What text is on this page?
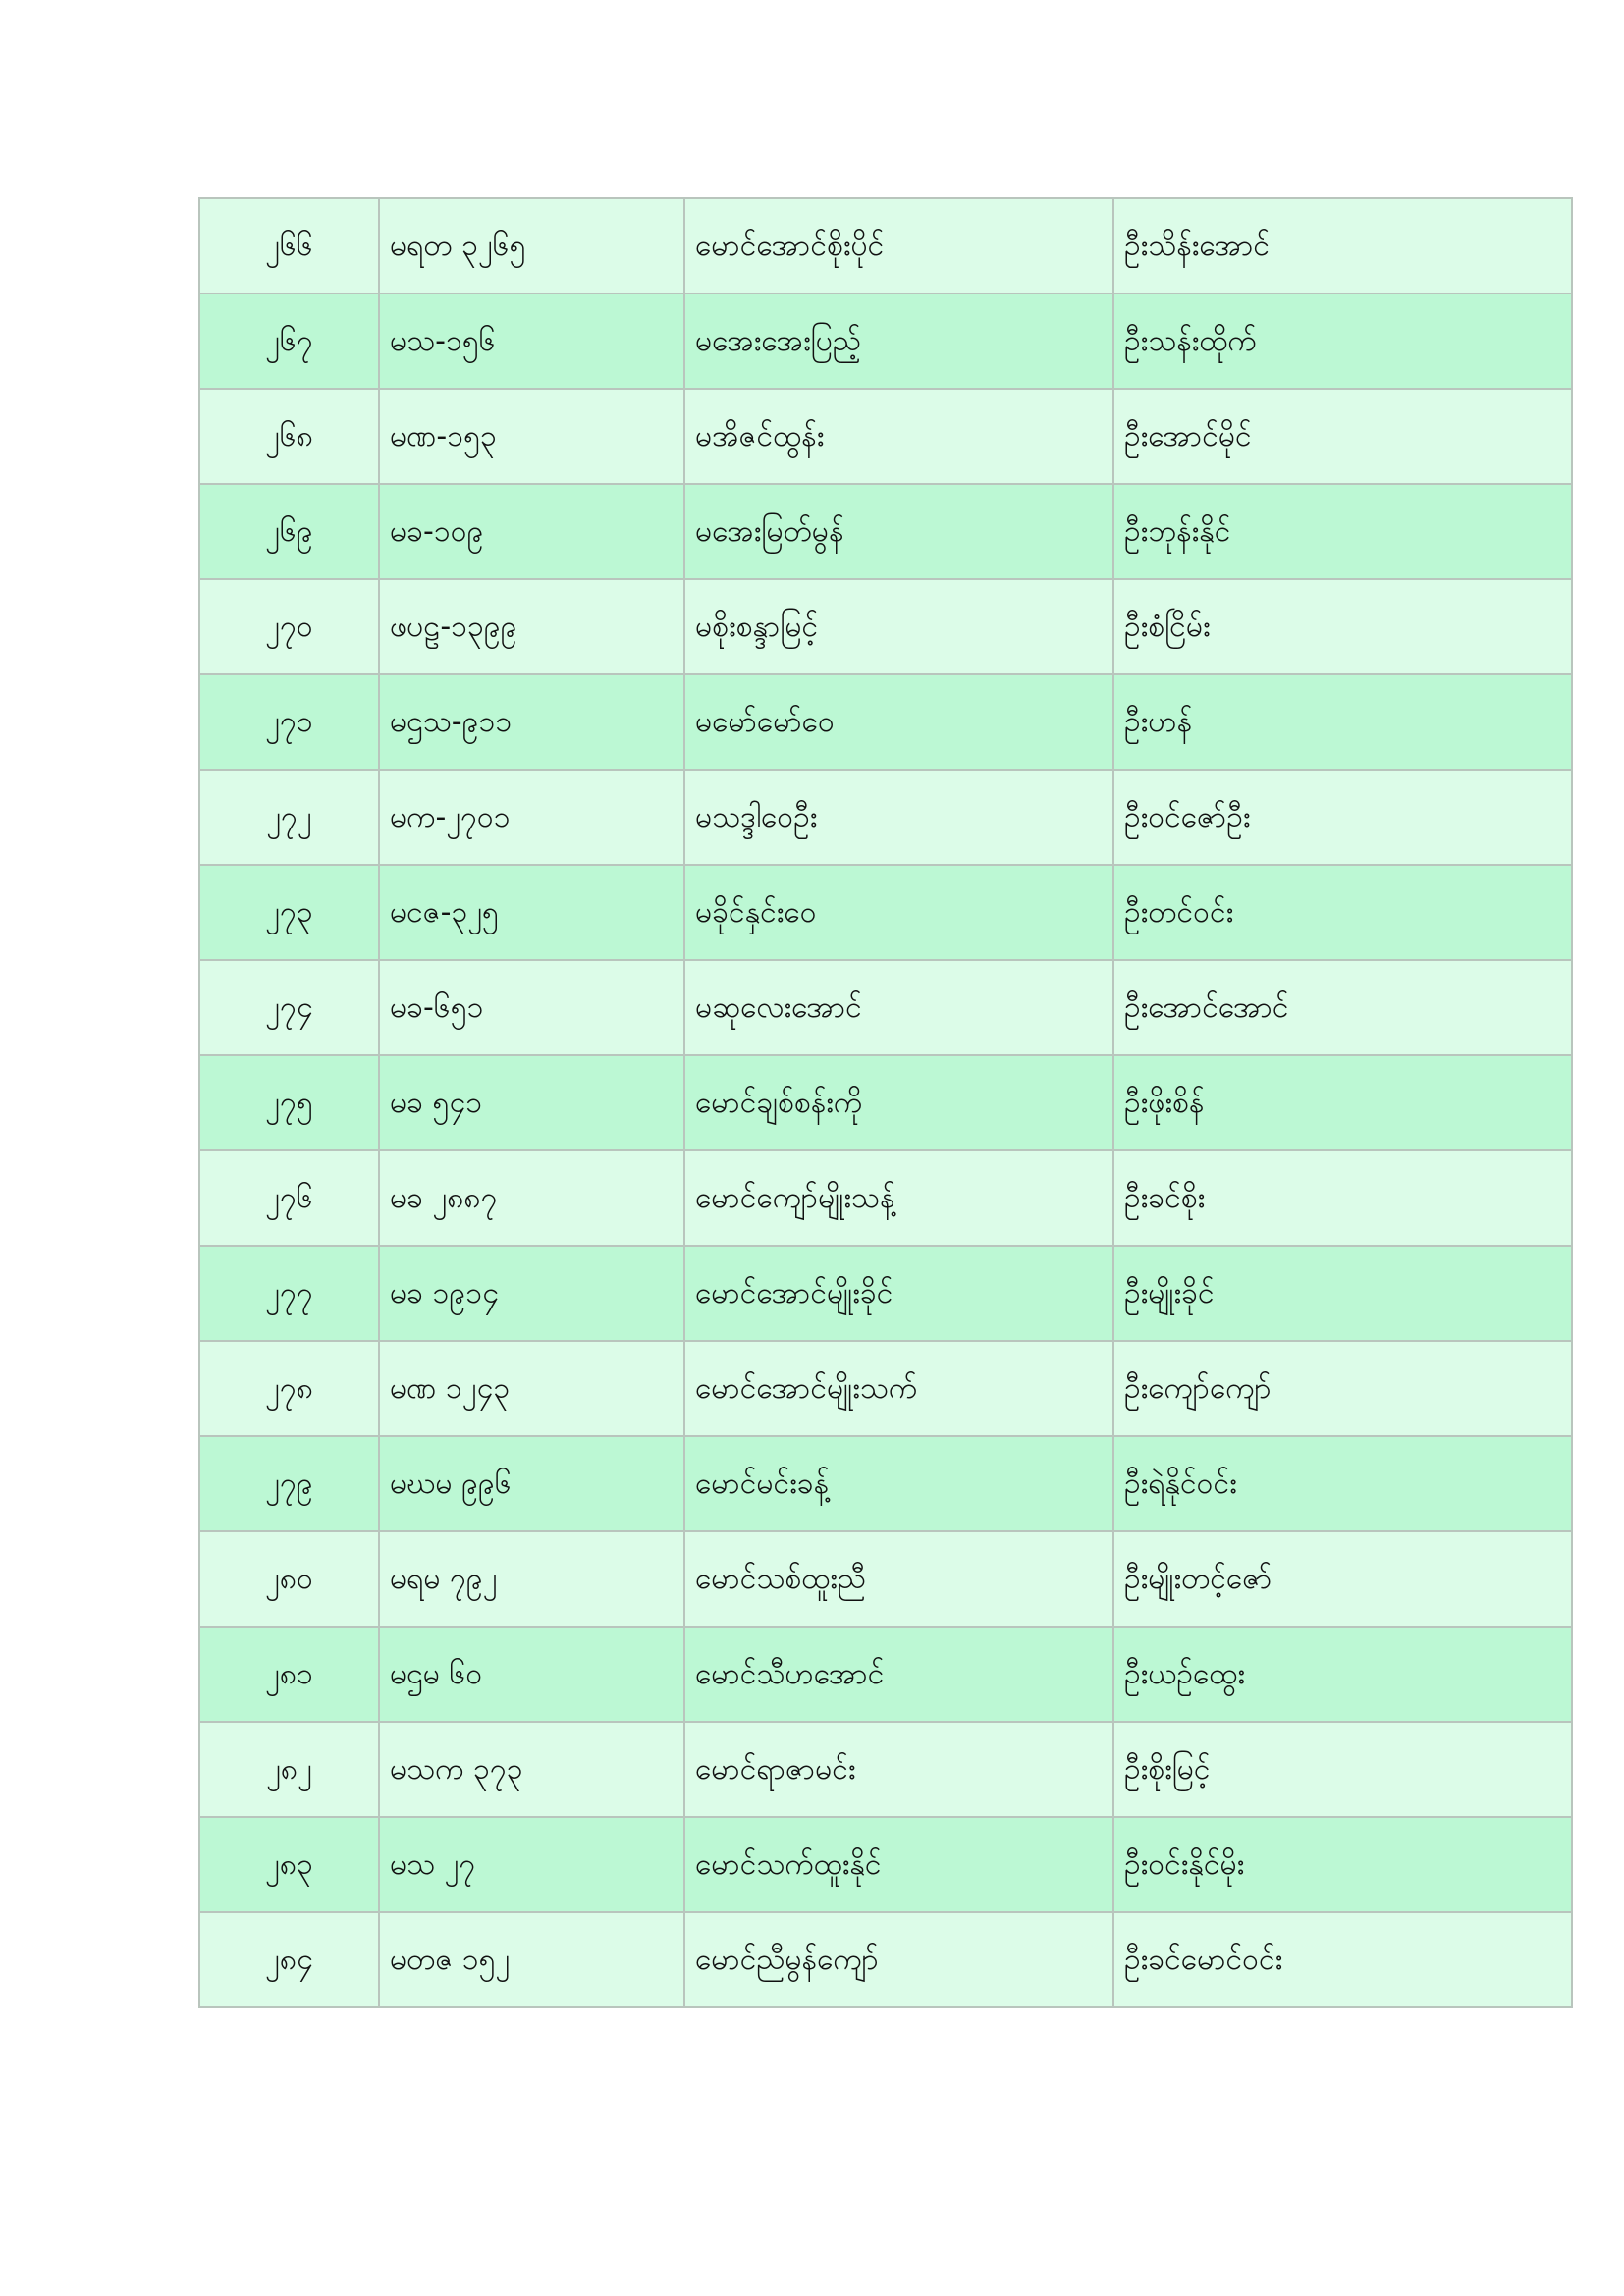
၂၆၆	မရတ ၃၂၆၅	မောင်အောင်စိုးပိုင်	ဦးသိန်းအောင်
၂၆၇	မသ-၁၅၆	မအေးအေးပြည့်	ဦးသန်းထိုက်
၂၆၈	မဏ-၁၅၃	မအိဇင်ထွန်း	ဦးအောင်မိုင်
၂၆၉	မခ-၁၀၉	မအေးမြတ်မွန်	ဦးဘုန်းနိုင်
၂၇၀	ဖပဠ-၁၃၉၉	မစိုးစန္ဒာမြင့်	ဦးစံငြိမ်း
၂၇၁	မဌသ-၉၁၁	မမော်မော်ဝေ	ဦးဟန်
၂၇၂	မက-၂၇၀၁	မသဒ္ဒါဝေဦး	ဦးဝင်ဇော်ဦး
၂၇၃	မငဇ-၃၂၅	မခိုင်နှင်းဝေ	ဦးတင်ဝင်း
၂၇၄	မခ-၆၅၁	မဆုလေးအောင်	ဦးအောင်အောင်
၂၇၅	မခ ၅၄၁	မောင်ချစ်စန်းကို	ဦးဖိုးစိန်
၂၇၆	မခ ၂၈၈၇	မောင်ကျော်မျိုးသန့်	ဦးခင်စိုး
၂၇၇	မခ ၁၉၁၄	မောင်အောင်မျိုးခိုင်	ဦးမျိုးခိုင်
၂၇၈	မဏ ၁၂၄၃	မောင်အောင်မျိုးသက်	ဦးကျော်ကျော်
၂၇၉	မဃမ ၉၉၆	မောင်မင်းခန့်	ဦးရဲနိုင်ဝင်း
၂၈၀	မရမ ၇၉၂	မောင်သစ်ထူးညီ	ဦးမျိုးတင့်ဇော်
၂၈၁	မဌမ ၆၀	မောင်သီဟအောင်	ဦးယဉ်ထွေး
၂၈၂	မသက ၃၇၃	မောင်ရာဇာမင်း	ဦးစိုးမြင့်
၂၈၃	မသ ၂၇	မောင်သက်ထူးနိုင်	ဦးဝင်းနိုင်မိုး
၂၈၄	မတဇ ၁၅၂	မောင်ညီမွန်ကျော်	ဦးခင်မောင်ဝင်း
